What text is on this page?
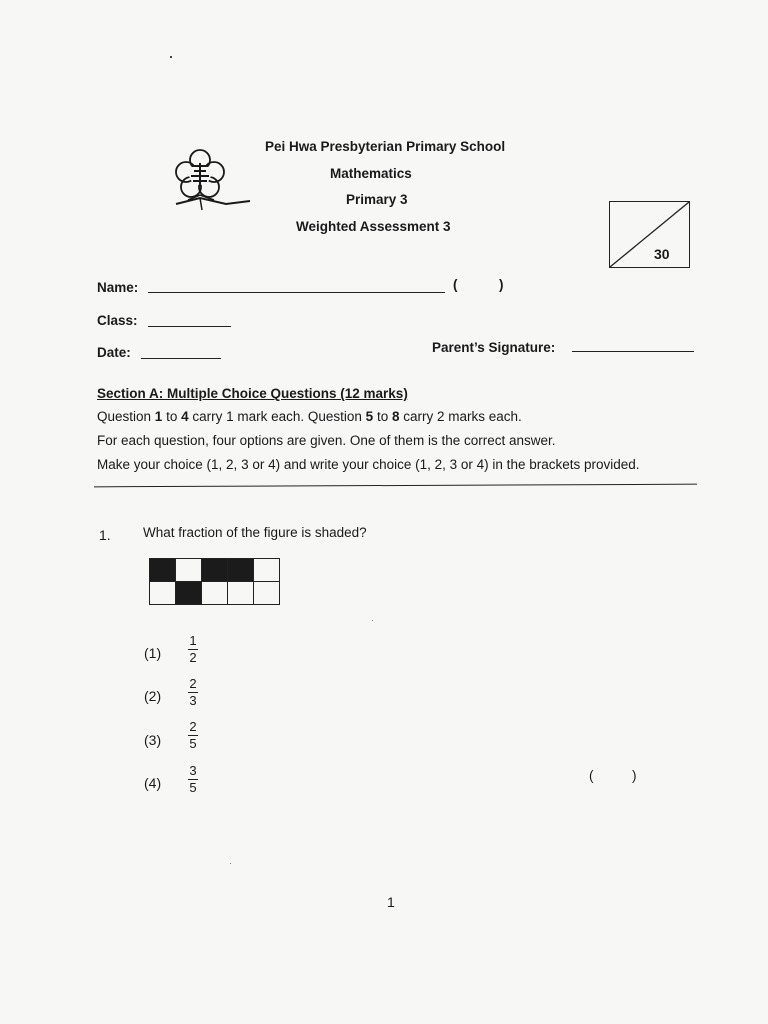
Pei Hwa Presbyterian Primary School
Mathematics
Primary 3
Weighted Assessment 3
30
Name:	(	)
Class:
Date:	Parent’s Signature:
Section A: Multiple Choice Questions (12 marks)
Question 1 to 4 carry 1 mark each. Question 5 to 8 carry 2 marks each.
For each question, four options are given. One of them is the correct answer.
Make your choice (1, 2, 3 or 4) and write your choice (1, 2, 3 or 4) in the brackets provided.
1. What fraction of the figure is shaded?

(1)
1
2
(2)
2
3
(3)
2
5
(4)
3
5
(	)
1
